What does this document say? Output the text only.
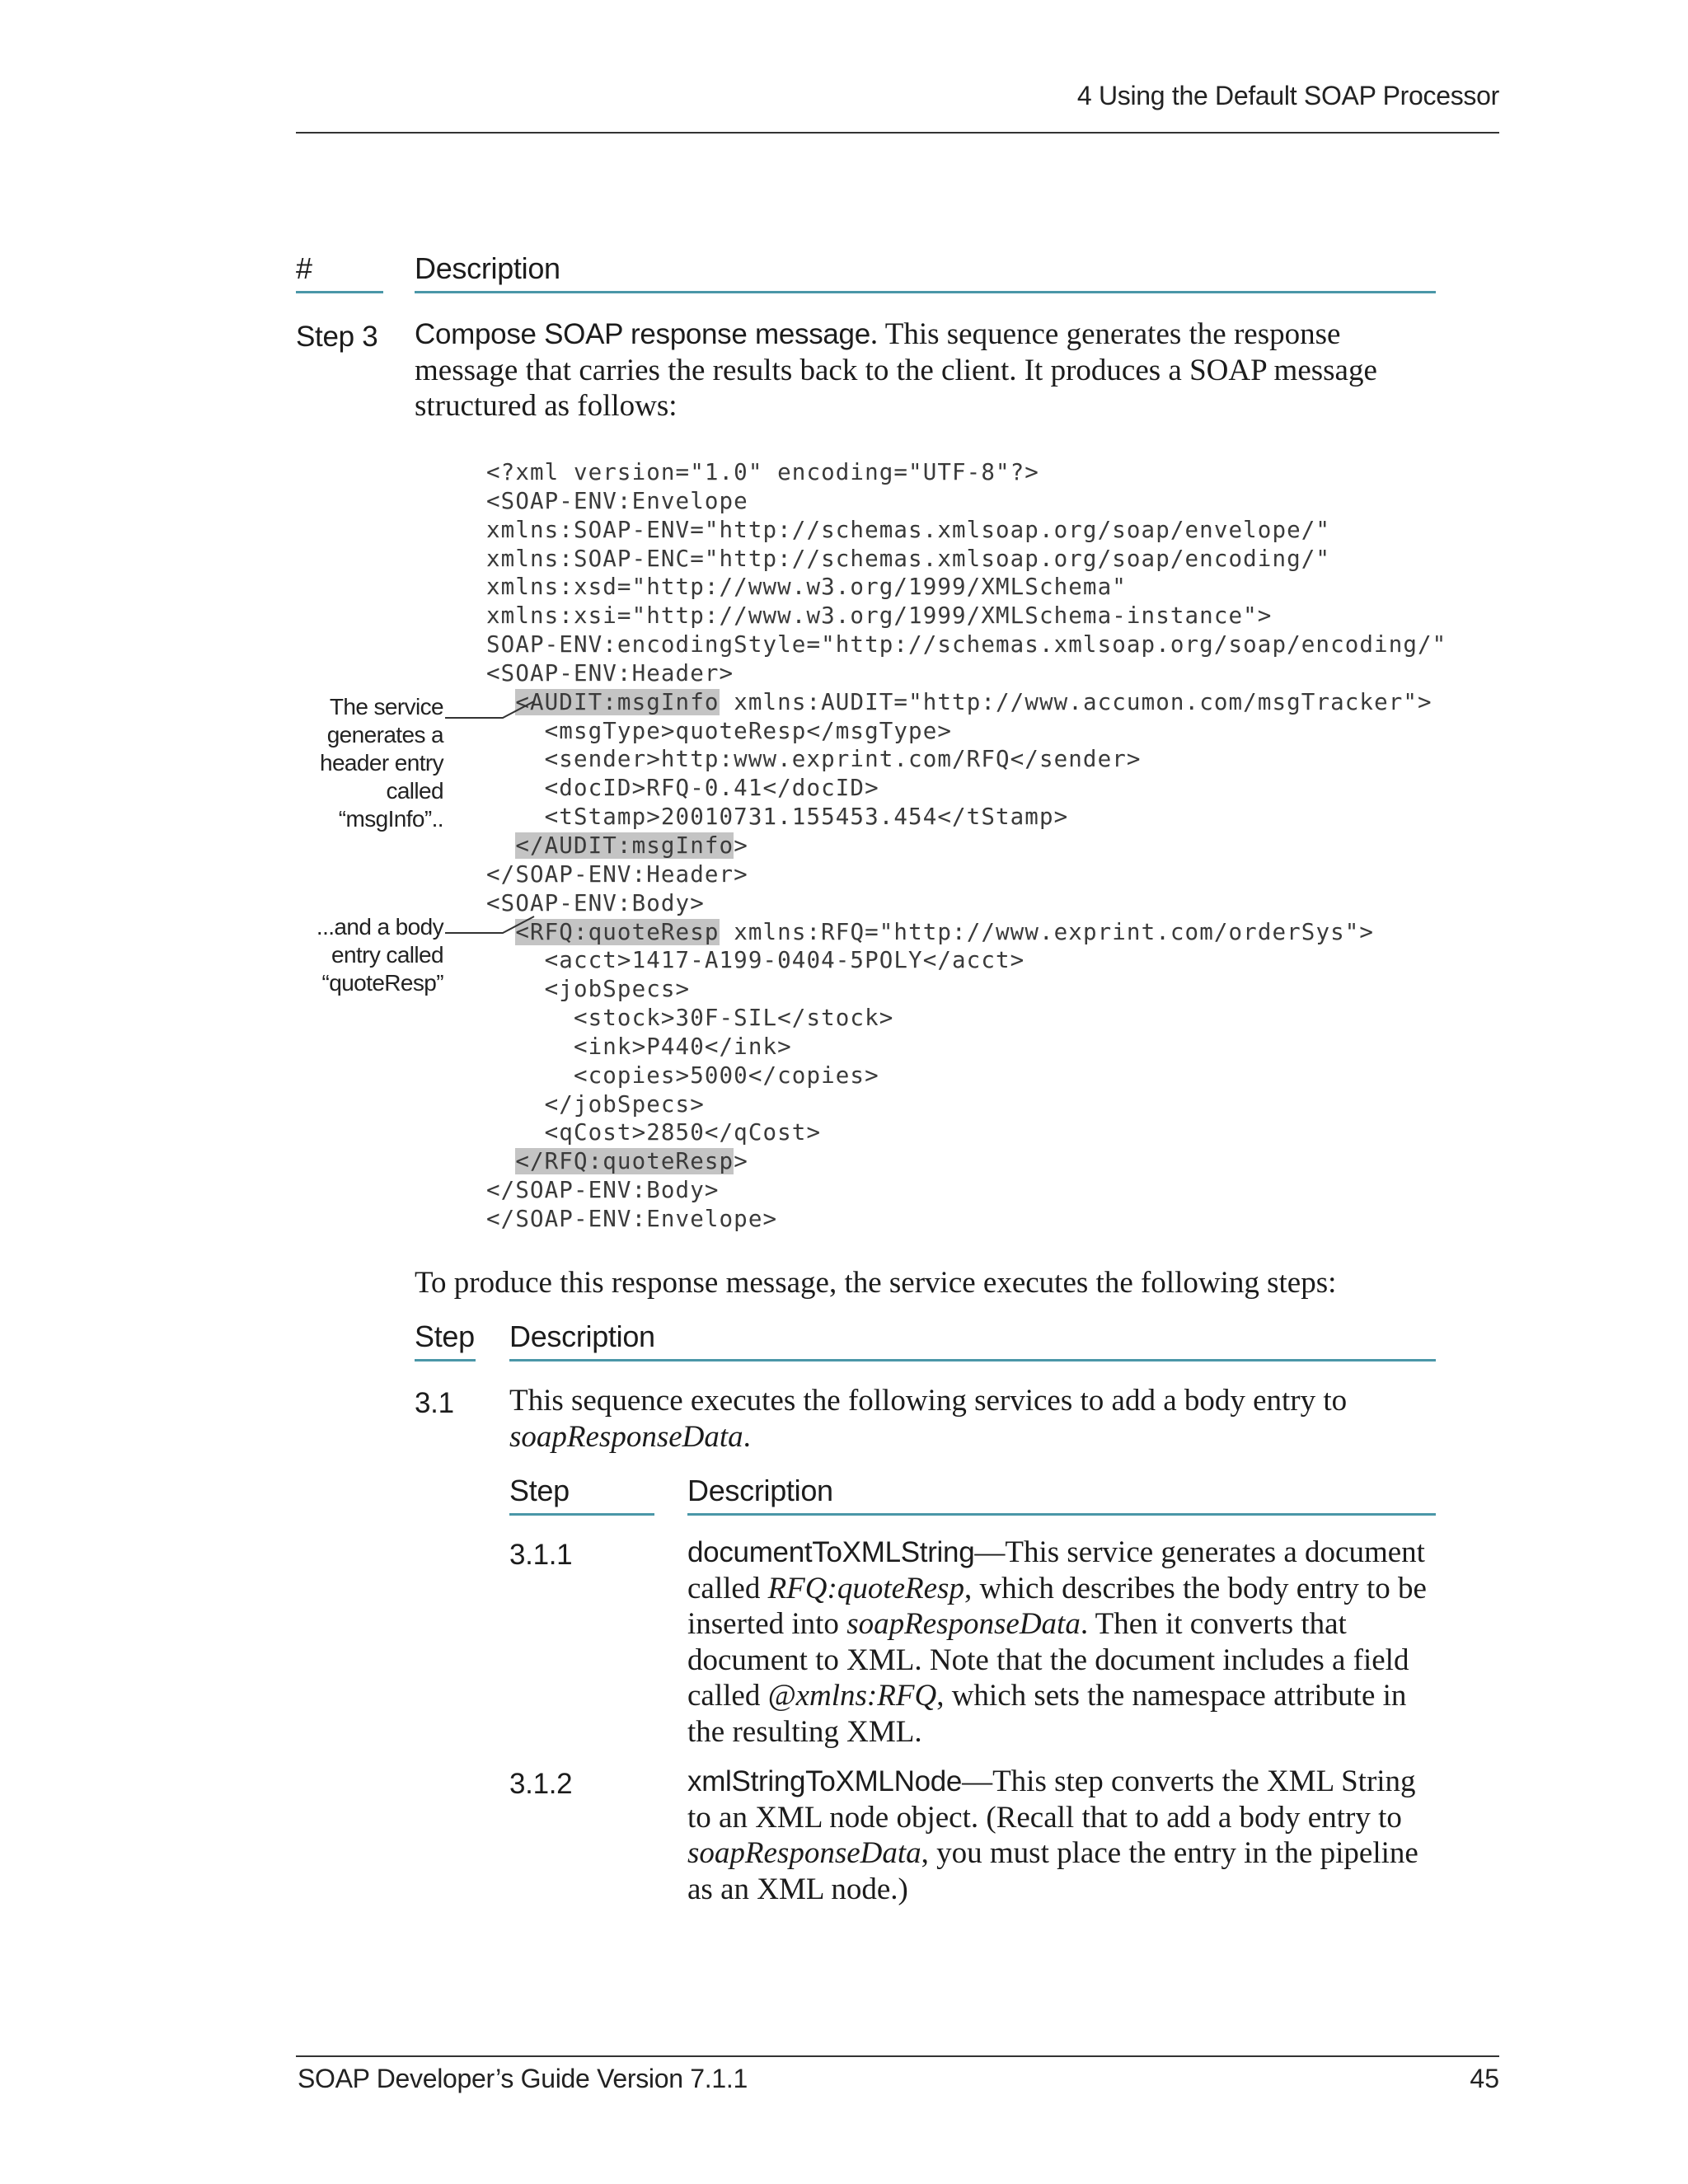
4 Using the Default SOAP Processor
#	Description
Step 3 Compose SOAP response message. This sequence generates the response message that carries the results back to the client. It produces a SOAP message structured as follows:
<?xml version="1.0" encoding="UTF-8"?>
<SOAP-ENV:Envelope
xmlns:SOAP-ENV="http://schemas.xmlsoap.org/soap/envelope/"
xmlns:SOAP-ENC="http://schemas.xmlsoap.org/soap/encoding/"
xmlns:xsd="http://www.w3.org/1999/XMLSchema"
xmlns:xsi="http://www.w3.org/1999/XMLSchema-instance">
SOAP-ENV:encodingStyle="http://schemas.xmlsoap.org/soap/encoding/"
<SOAP-ENV:Header>
<AUDIT:msgInfo xmlns:AUDIT="http://www.accumon.com/msgTracker">
<msgType>quoteResp</msgType>
<sender>http:www.exprint.com/RFQ</sender>
<docID>RFQ-0.41</docID>
<tStamp>20010731.155453.454</tStamp>
</AUDIT:msgInfo>
</SOAP-ENV:Header>
<SOAP-ENV:Body>
<RFQ:quoteResp xmlns:RFQ="http://www.exprint.com/orderSys">
<acct>1417-A199-0404-5POLY</acct>
<jobSpecs>
<stock>30F-SIL</stock>
<ink>P440</ink>
<copies>5000</copies>
</jobSpecs>
<qCost>2850</qCost>
</RFQ:quoteResp>
</SOAP-ENV:Body>
</SOAP-ENV:Envelope>
The service generates a header entry called “msgInfo”..
...and a body entry called “quoteResp”
To produce this response message, the service executes the following steps:
Step Description
3.1 This sequence executes the following services to add a body entry to soapResponseData.
Step	Description
3.1.1	documentToXMLString—This service generates a document called RFQ:quoteResp, which describes the body entry to be inserted into soapResponseData. Then it converts that document to XML. Note that the document includes a field called @xmlns:RFQ, which sets the namespace attribute in the resulting XML.
3.1.2	xmlStringToXMLNode—This step converts the XML String to an XML node object. (Recall that to add a body entry to soapResponseData, you must place the entry in the pipeline as an XML node.)
SOAP Developer’s Guide Version 7.1.1	45
